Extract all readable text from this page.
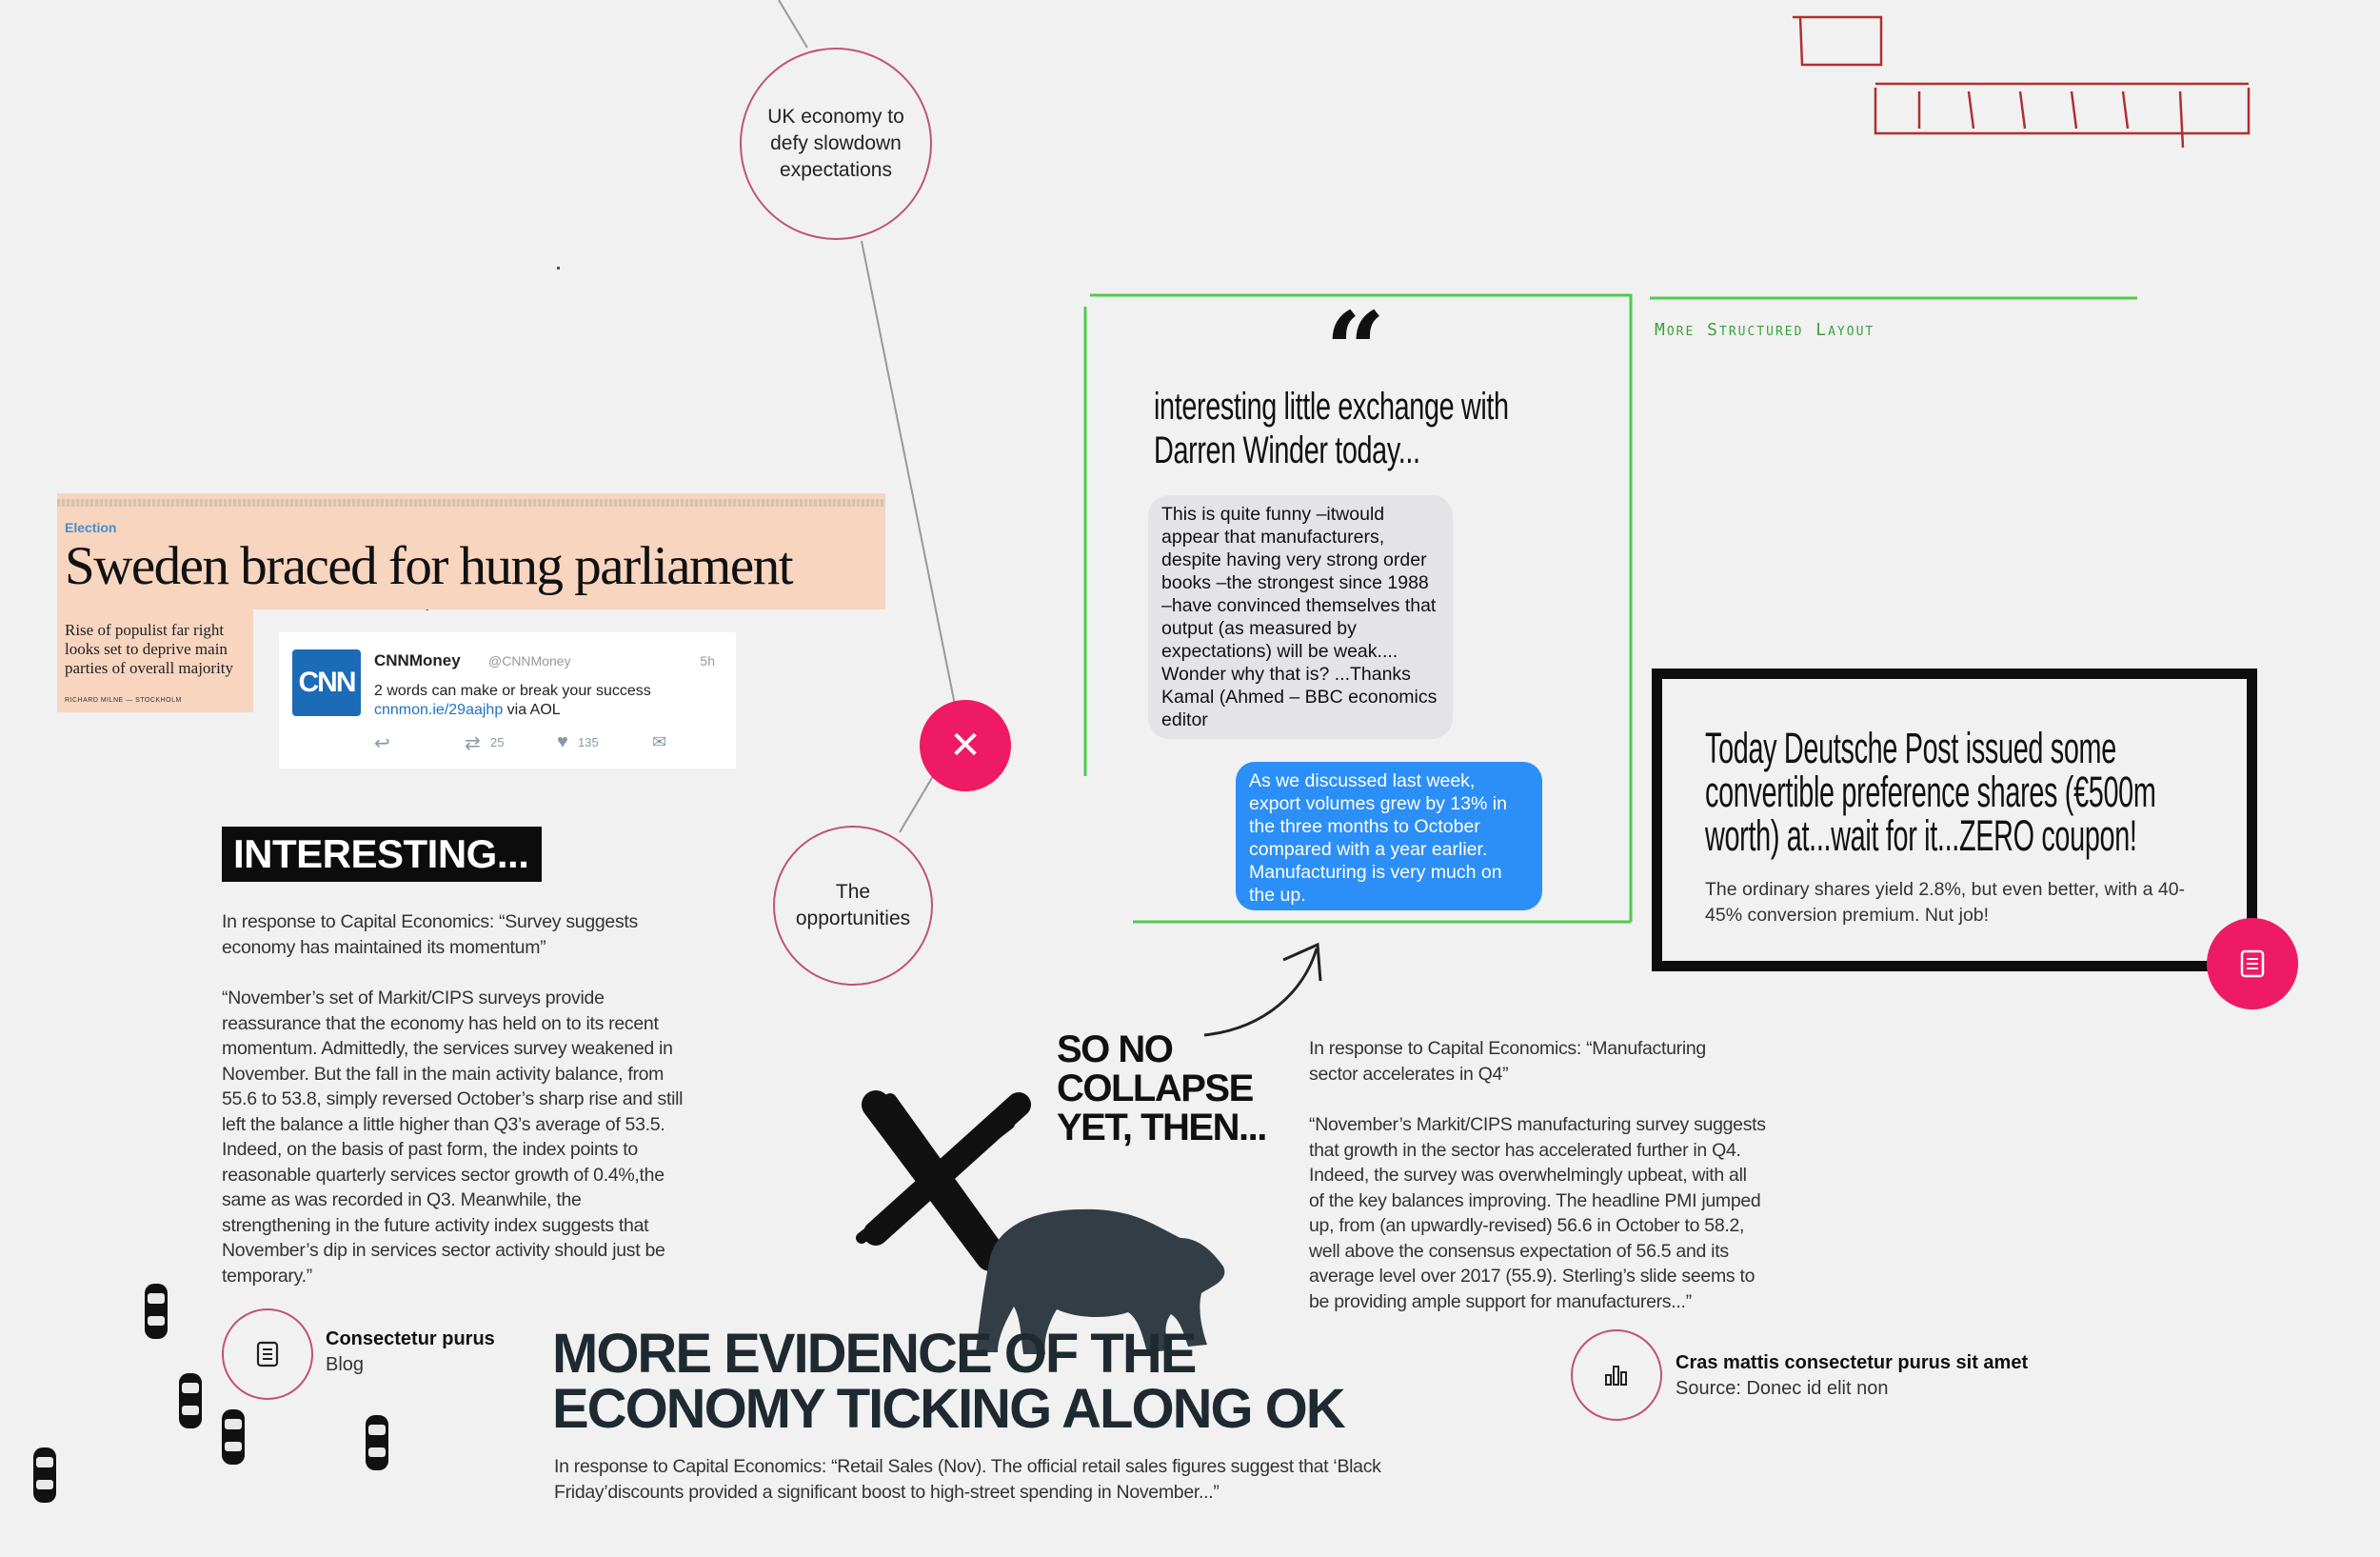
UK economy to defy slowdown expectations
✕
The opportunities
Election
Sweden braced for hung parliament
Rise of populist far right looks set to deprive main parties of overall majority
RICHARD MILNE — STOCKHOLM
CNN
CNNMoney @CNNMoney	5h
2 words can make or break your success
cnnmon.ie/29aajhp via AOL
↩	⇄ 25	♥ 135	✉
INTERESTING...
In response to Capital Economics: “Survey suggests economy has maintained its momentum”
“November’s set of Markit/CIPS surveys provide reassurance that the economy has held on to its recent momentum. Admittedly, the services survey weakened in November. But the fall in the main activity balance, from 55.6 to 53.8, simply reversed October’s sharp rise and still left the balance a little higher than Q3’s average of 53.5. Indeed, on the basis of past form, the index points to reasonable quarterly services sector growth of 0.4%,the same as was recorded in Q3. Meanwhile, the strengthening in the future activity index suggests that November’s dip in services sector activity should just be temporary.”
“
interesting little exchange with
Darren Winder today...
This is quite funny –itwould appear that manufacturers, despite having very strong order books –the strongest since 1988 –have convinced themselves that output (as measured by expectations) will be weak.... Wonder why that is? ...Thanks Kamal (Ahmed – BBC economics editor
As we discussed last week, export volumes grew by 13% in the three months to October compared with a year earlier. Manufacturing is very much on the up.
More Structured Layout
Today Deutsche Post issued some convertible preference shares (€500m worth) at...wait for it...ZERO coupon!
The ordinary shares yield 2.8%, but even better, with a 40-45% conversion premium. Nut job!
SO NO
COLLAPSE
YET, THEN...
In response to Capital Economics: “Manufacturing sector accelerates in Q4”
“November’s Markit/CIPS manufacturing survey suggests that growth in the sector has accelerated further in Q4. Indeed, the survey was overwhelmingly upbeat, with all of the key balances improving. The headline PMI jumped up, from (an upwardly-revised) 56.6 in October to 58.2, well above the consensus expectation of 56.5 and its average level over 2017 (55.9). Sterling’s slide seems to be providing ample support for manufacturers...”
MORE EVIDENCE OF THE
ECONOMY TICKING ALONG OK
In response to Capital Economics: “Retail Sales (Nov). The official retail sales figures suggest that ‘Black Friday’discounts provided a significant boost to high-street spending in November...”
Consectetur purus
Blog	Cras mattis consectetur purus sit amet
Source: Donec id elit non
